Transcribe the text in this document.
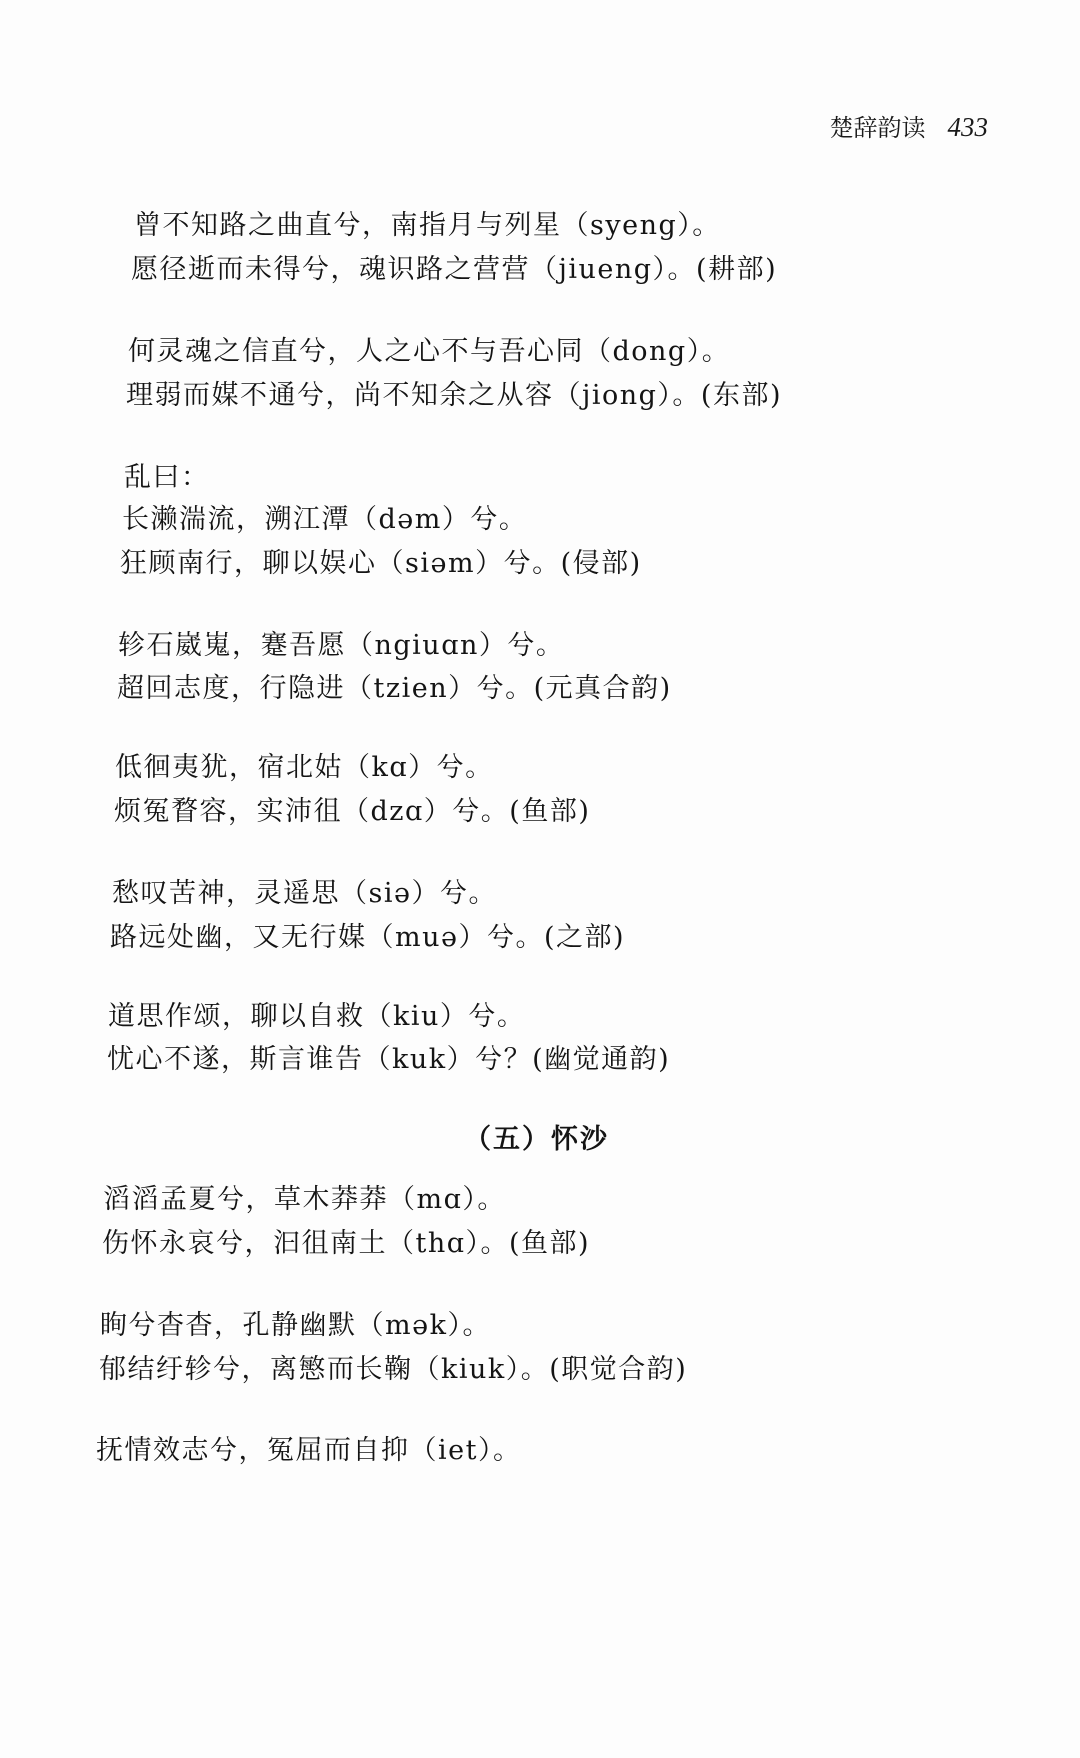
楚辞韵读 433
曾不知路之曲直兮，南指月与列星（syeng）。
愿径逝而未得兮，魂识路之营营（jiueng）。(耕部)
何灵魂之信直兮，人之心不与吾心同（dong）。
理弱而媒不通兮，尚不知余之从容（jiong）。(东部)
乱曰：
长濑湍流，溯江潭（dəm）兮。
狂顾南行，聊以娱心（siəm）兮。(侵部)
轸石崴嵬，蹇吾愿（ngiuɑn）兮。
超回志度，行隐进（tzien）兮。(元真合韵)
低徊夷犹，宿北姑（kɑ）兮。
烦冤瞀容，实沛徂（dzɑ）兮。(鱼部)
愁叹苦神，灵遥思（siə）兮。
路远处幽，又无行媒（muə）兮。(之部)
道思作颂，聊以自救（kiu）兮。
忧心不遂，斯言谁告（kuk）兮？(幽觉通韵)
（五）怀沙
滔滔孟夏兮，草木莽莽（mɑ）。
伤怀永哀兮，汩徂南土（thɑ）。(鱼部)
眴兮杳杳，孔静幽默（mək）。
郁结纡轸兮，离慜而长鞠（kiuk）。(职觉合韵)
抚情效志兮，冤屈而自抑（iet）。
